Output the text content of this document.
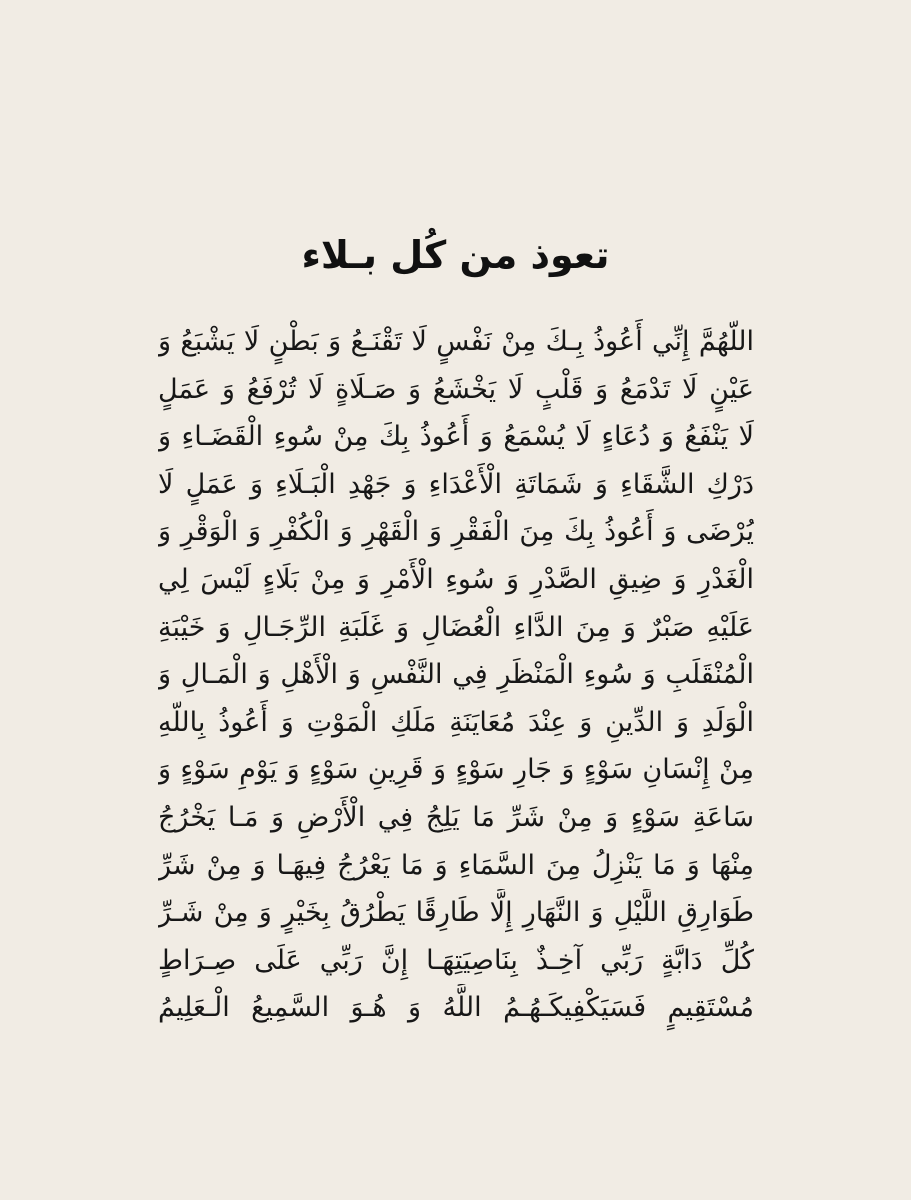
تعوذ من كُل بـلاء
اللّهُمَّ إِنِّي أَعُوذُ بِـكَ مِنْ نَفْسٍ لَا تَقْنَـعُ وَ بَطْنٍ لَا يَشْبَعُ وَ
عَيْنٍ لَا تَدْمَعُ وَ قَلْبٍ لَا يَخْشَعُ وَ صَـلَاةٍ لَا تُرْفَعُ وَ عَمَلٍ
لَا يَنْفَعُ وَ دُعَاءٍ لَا يُسْمَعُ وَ أَعُوذُ بِكَ مِنْ سُوءِ الْقَضَـاءِ وَ
دَرْكِ الشَّقَاءِ وَ شَمَاتَةِ الْأَعْدَاءِ وَ جَهْدِ الْبَـلَاءِ وَ عَمَلٍ لَا
يُرْضَى وَ أَعُوذُ بِكَ مِنَ الْفَقْرِ وَ الْقَهْرِ وَ الْكُفْرِ وَ الْوَقْرِ وَ
الْغَدْرِ وَ ضِيقِ الصَّدْرِ وَ سُوءِ الْأَمْرِ وَ مِنْ بَلَاءٍ لَيْسَ لِي
عَلَيْهِ صَبْرٌ وَ مِنَ الدَّاءِ الْعُضَالِ وَ غَلَبَةِ الرِّجَـالِ وَ خَيْبَةِ
الْمُنْقَلَبِ وَ سُوءِ الْمَنْظَرِ فِي النَّفْسِ وَ الْأَهْلِ وَ الْمَـالِ وَ
الْوَلَدِ وَ الدِّينِ وَ عِنْدَ مُعَايَنَةِ مَلَكِ الْمَوْتِ وَ أَعُوذُ بِاللّهِ
مِنْ إِنْسَانِ سَوْءٍ وَ جَارِ سَوْءٍ وَ قَرِينِ سَوْءٍ وَ يَوْمِ سَوْءٍ وَ
سَاعَةِ سَوْءٍ وَ مِنْ شَرِّ مَا يَلِجُ فِي الْأَرْضِ وَ مَـا يَخْرُجُ
مِنْهَا وَ مَا يَنْزِلُ مِنَ السَّمَاءِ وَ مَا يَعْرُجُ فِيهَـا وَ مِنْ شَرِّ
طَوَارِقِ اللَّيْلِ وَ النَّهَارِ إِلَّا طَارِقًا يَطْرُقُ بِخَيْرٍ وَ مِنْ شَـرِّ
كُلِّ دَابَّةٍ رَبِّي آخِـذٌ بِنَاصِيَتِهَـا إِنَّ رَبِّي عَلَى صِـرَاطٍ
مُسْتَقِيمٍ فَسَيَكْفِيكَـهُـمُ اللَّهُ وَ هُـوَ السَّمِيعُ الْـعَلِيمُ
